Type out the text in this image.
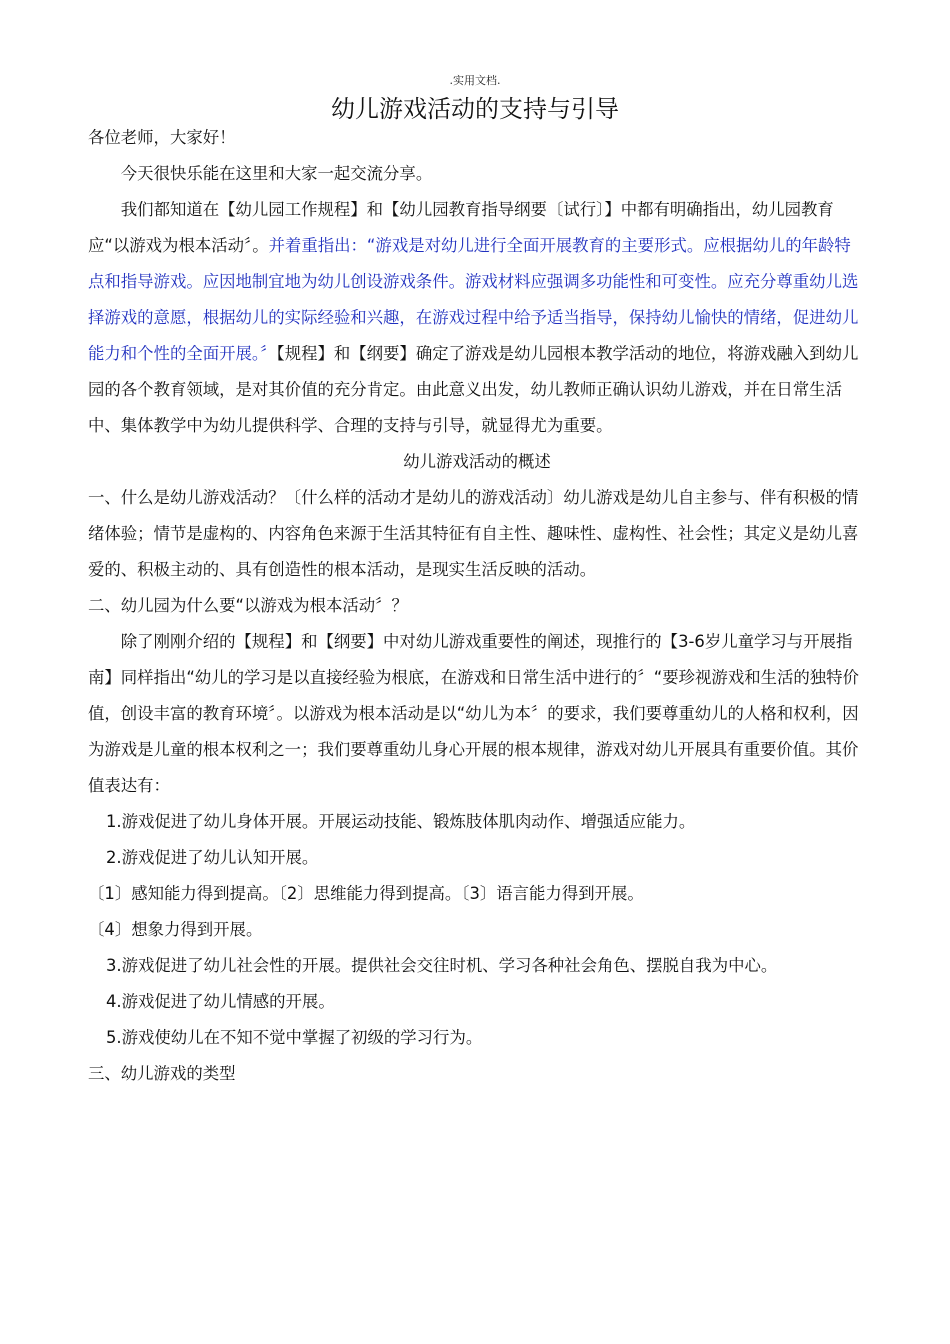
.实用文档.
幼儿游戏活动的支持与引导

各位老师，大家好！

今天很快乐能在这里和大家一起交流分享。

我们都知道在【幼儿园工作规程】和【幼儿园教育指导纲要〔试行〕】中都有明确指出，幼儿园教育应“以游戏为根本活动〞。并着重指出：“游戏是对幼儿进行全面开展教育的主要形式。应根据幼儿的年龄特点和指导游戏。应因地制宜地为幼儿创设游戏条件。游戏材料应强调多功能性和可变性。应充分尊重幼儿选择游戏的意愿，根据幼儿的实际经验和兴趣，在游戏过程中给予适当指导，保持幼儿愉快的情绪，促进幼儿能力和个性的全面开展。〞【规程】和【纲要】确定了游戏是幼儿园根本教学活动的地位，将游戏融入到幼儿园的各个教育领域，是对其价值的充分肯定。由此意义出发，幼儿教师正确认识幼儿游戏，并在日常生活中、集体教学中为幼儿提供科学、合理的支持与引导，就显得尤为重要。

幼儿游戏活动的概述

一、什么是幼儿游戏活动？〔什么样的活动才是幼儿的游戏活动〕幼儿游戏是幼儿自主参与、伴有积极的情绪体验；情节是虚构的、内容角色来源于生活其特征有自主性、趣味性、虚构性、社会性；其定义是幼儿喜爱的、积极主动的、具有创造性的根本活动，是现实生活反映的活动。

二、幼儿园为什么要“以游戏为根本活动〞？

除了刚刚介绍的【规程】和【纲要】中对幼儿游戏重要性的阐述，现推行的【3-6岁儿童学习与开展指南】同样指出“幼儿的学习是以直接经验为根底，在游戏和日常生活中进行的〞“要珍视游戏和生活的独特价值，创设丰富的教育环境〞。以游戏为根本活动是以“幼儿为本〞的要求，我们要尊重幼儿的人格和权利，因为游戏是儿童的根本权利之一；我们要尊重幼儿身心开展的根本规律，游戏对幼儿开展具有重要价值。其价值表达有：

1.游戏促进了幼儿身体开展。开展运动技能、锻炼肢体肌肉动作、增强适应能力。

2.游戏促进了幼儿认知开展。

〔1〕感知能力得到提高。〔2〕思维能力得到提高。〔3〕语言能力得到开展。

〔4〕想象力得到开展。

3.游戏促进了幼儿社会性的开展。提供社会交往时机、学习各种社会角色、摆脱自我为中心。

4.游戏促进了幼儿情感的开展。

5.游戏使幼儿在不知不觉中掌握了初级的学习行为。

三、幼儿游戏的类型
